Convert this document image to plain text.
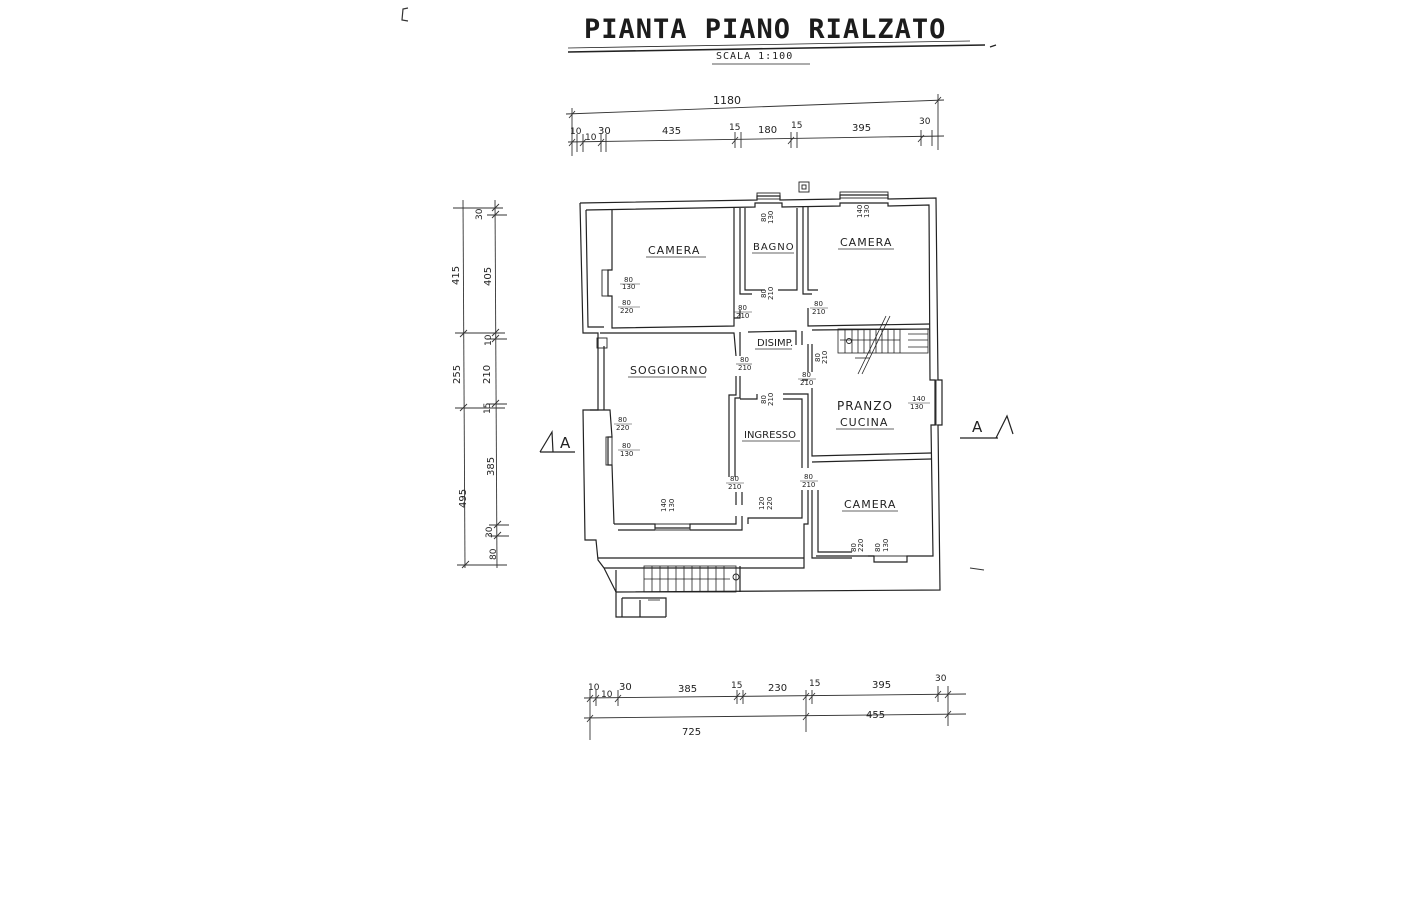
PIANTA PIANO RIALZATO
SCALA 1:100
1180
10
10
30	435	15 180 15	395
30
415
255
495
30
405
10
210
15
385
30
80
A
A
CAMERA	BAGNO	CAMERA
DISIMP.
SOGGIORNO
PRANZO
CUCINA
INGRESSO
CAMERA
80
130
80
220
80 130
80 210
140 130
80
210
80
210
80 210
80
210
80
210
80 210	140
130
80
220
80
130
140 130
80
210
120 220
80
210
80 220 80 130
10
10
30	385	15	230 15	395
30
725
455
